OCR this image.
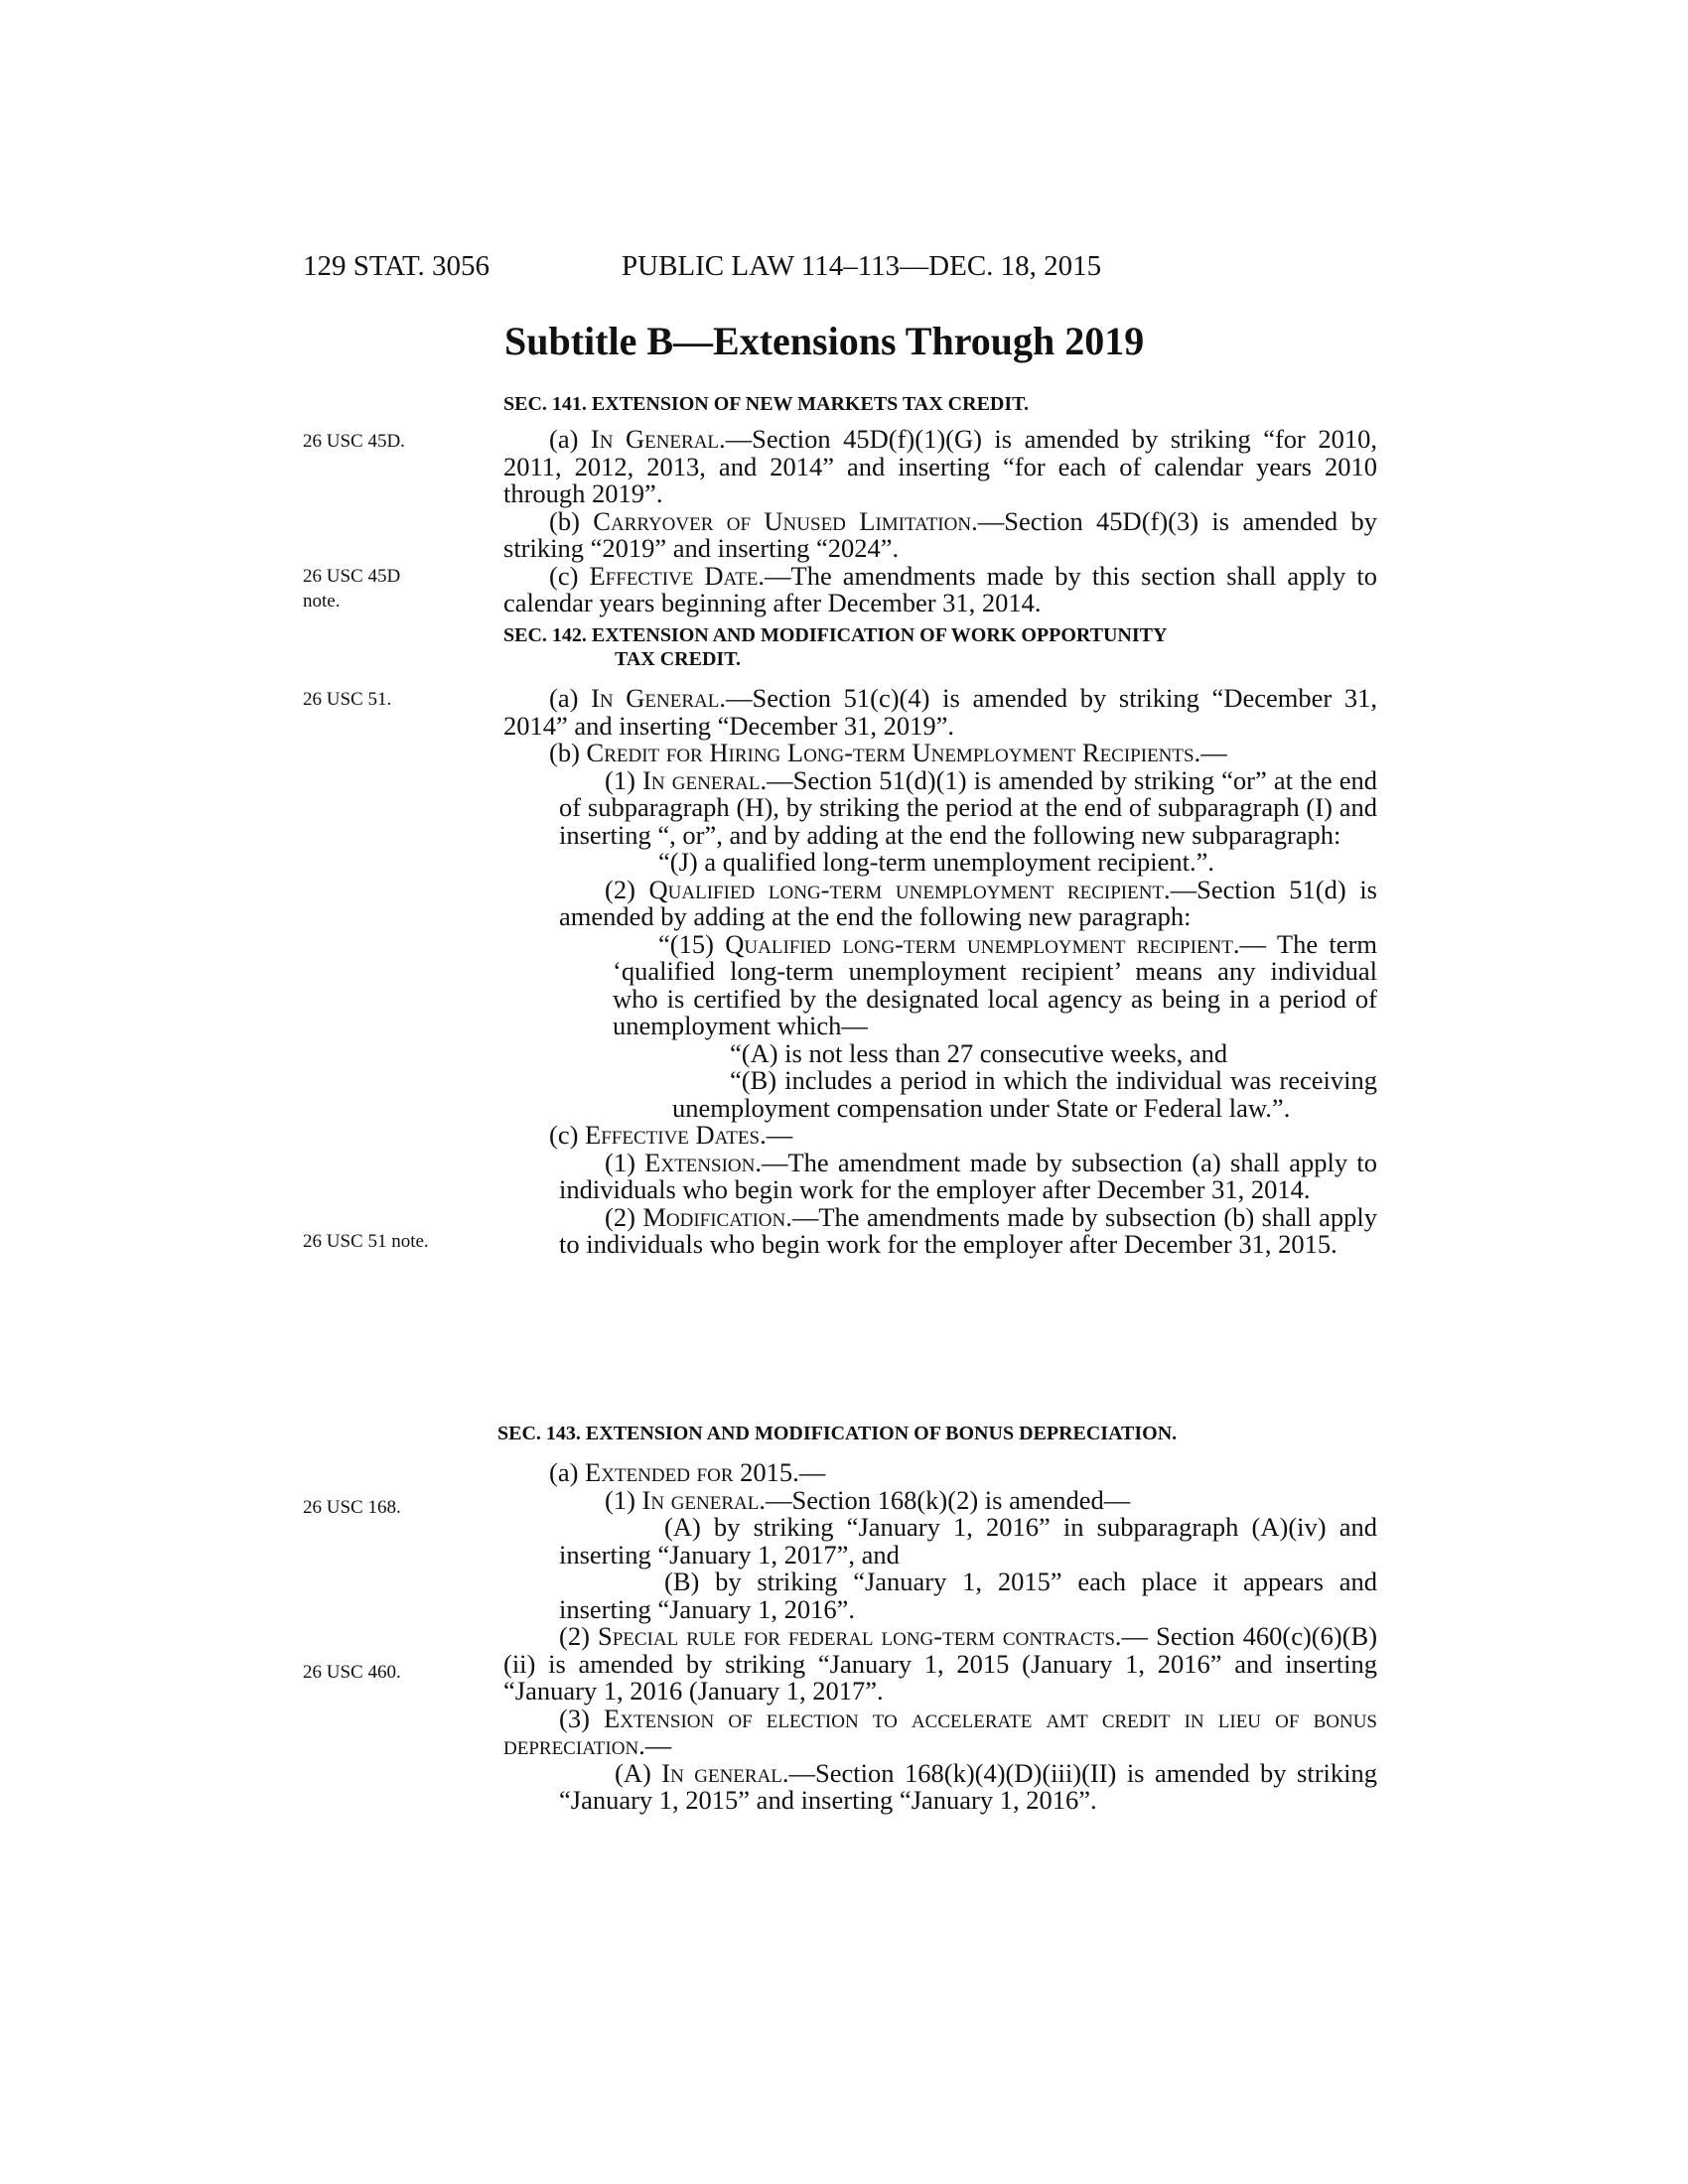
129 STAT. 3056	PUBLIC LAW 114–113—DEC. 18, 2015
Subtitle B—Extensions Through 2019
26 USC 45D.
26 USC 45D
note.
26 USC 51.
26 USC 51 note.
26 USC 168.
26 USC 460.

SEC. 141. EXTENSION OF NEW MARKETS TAX CREDIT.

(a) In General.—Section 45D(f)(1)(G) is amended by striking “for 2010, 2011, 2012, 2013, and 2014” and inserting “for each of calendar years 2010 through 2019”.

(b) Carryover of Unused Limitation.—Section 45D(f)(3) is amended by striking “2019” and inserting “2024”.

(c) Effective Date.—The amendments made by this section shall apply to calendar years beginning after December 31, 2014.

SEC. 142. EXTENSION AND MODIFICATION OF WORK OPPORTUNITY
TAX CREDIT.

(a) In General.—Section 51(c)(4) is amended by striking “December 31, 2014” and inserting “December 31, 2019”.

(b) Credit for Hiring Long-term Unemployment Recipients.—

(1) In general.—Section 51(d)(1) is amended by striking “or” at the end of subparagraph (H), by striking the period at the end of subparagraph (I) and inserting “, or”, and by adding at the end the following new subparagraph:

“(J) a qualified long-term unemployment recipient.”.

(2) Qualified long-term unemployment recipient.—Section 51(d) is amended by adding at the end the following new paragraph:

“(15) Qualified long-term unemployment recipient.— The term ‘qualified long-term unemployment recipient’ means any individual who is certified by the designated local agency as being in a period of unemployment which—

“(A) is not less than 27 consecutive weeks, and

“(B) includes a period in which the individual was receiving unemployment compensation under State or Federal law.”.

(c) Effective Dates.—

(1) Extension.—The amendment made by subsection (a) shall apply to individuals who begin work for the employer after December 31, 2014.

(2) Modification.—The amendments made by subsection (b) shall apply to individuals who begin work for the employer after December 31, 2015.

SEC. 143. EXTENSION AND MODIFICATION OF BONUS DEPRECIATION.

(a) Extended for 2015.—

(1) In general.—Section 168(k)(2) is amended—

(A) by striking “January 1, 2016” in subparagraph (A)(iv) and inserting “January 1, 2017”, and

(B) by striking “January 1, 2015” each place it appears and inserting “January 1, 2016”.

(2) Special rule for federal long-term contracts.— Section 460(c)(6)(B)(ii) is amended by striking “January 1, 2015 (January 1, 2016” and inserting “January 1, 2016 (January 1, 2017”.

(3) Extension of election to accelerate amt credit in lieu of bonus depreciation.—

(A) In general.—Section 168(k)(4)(D)(iii)(II) is amended by striking “January 1, 2015” and inserting “January 1, 2016”.
